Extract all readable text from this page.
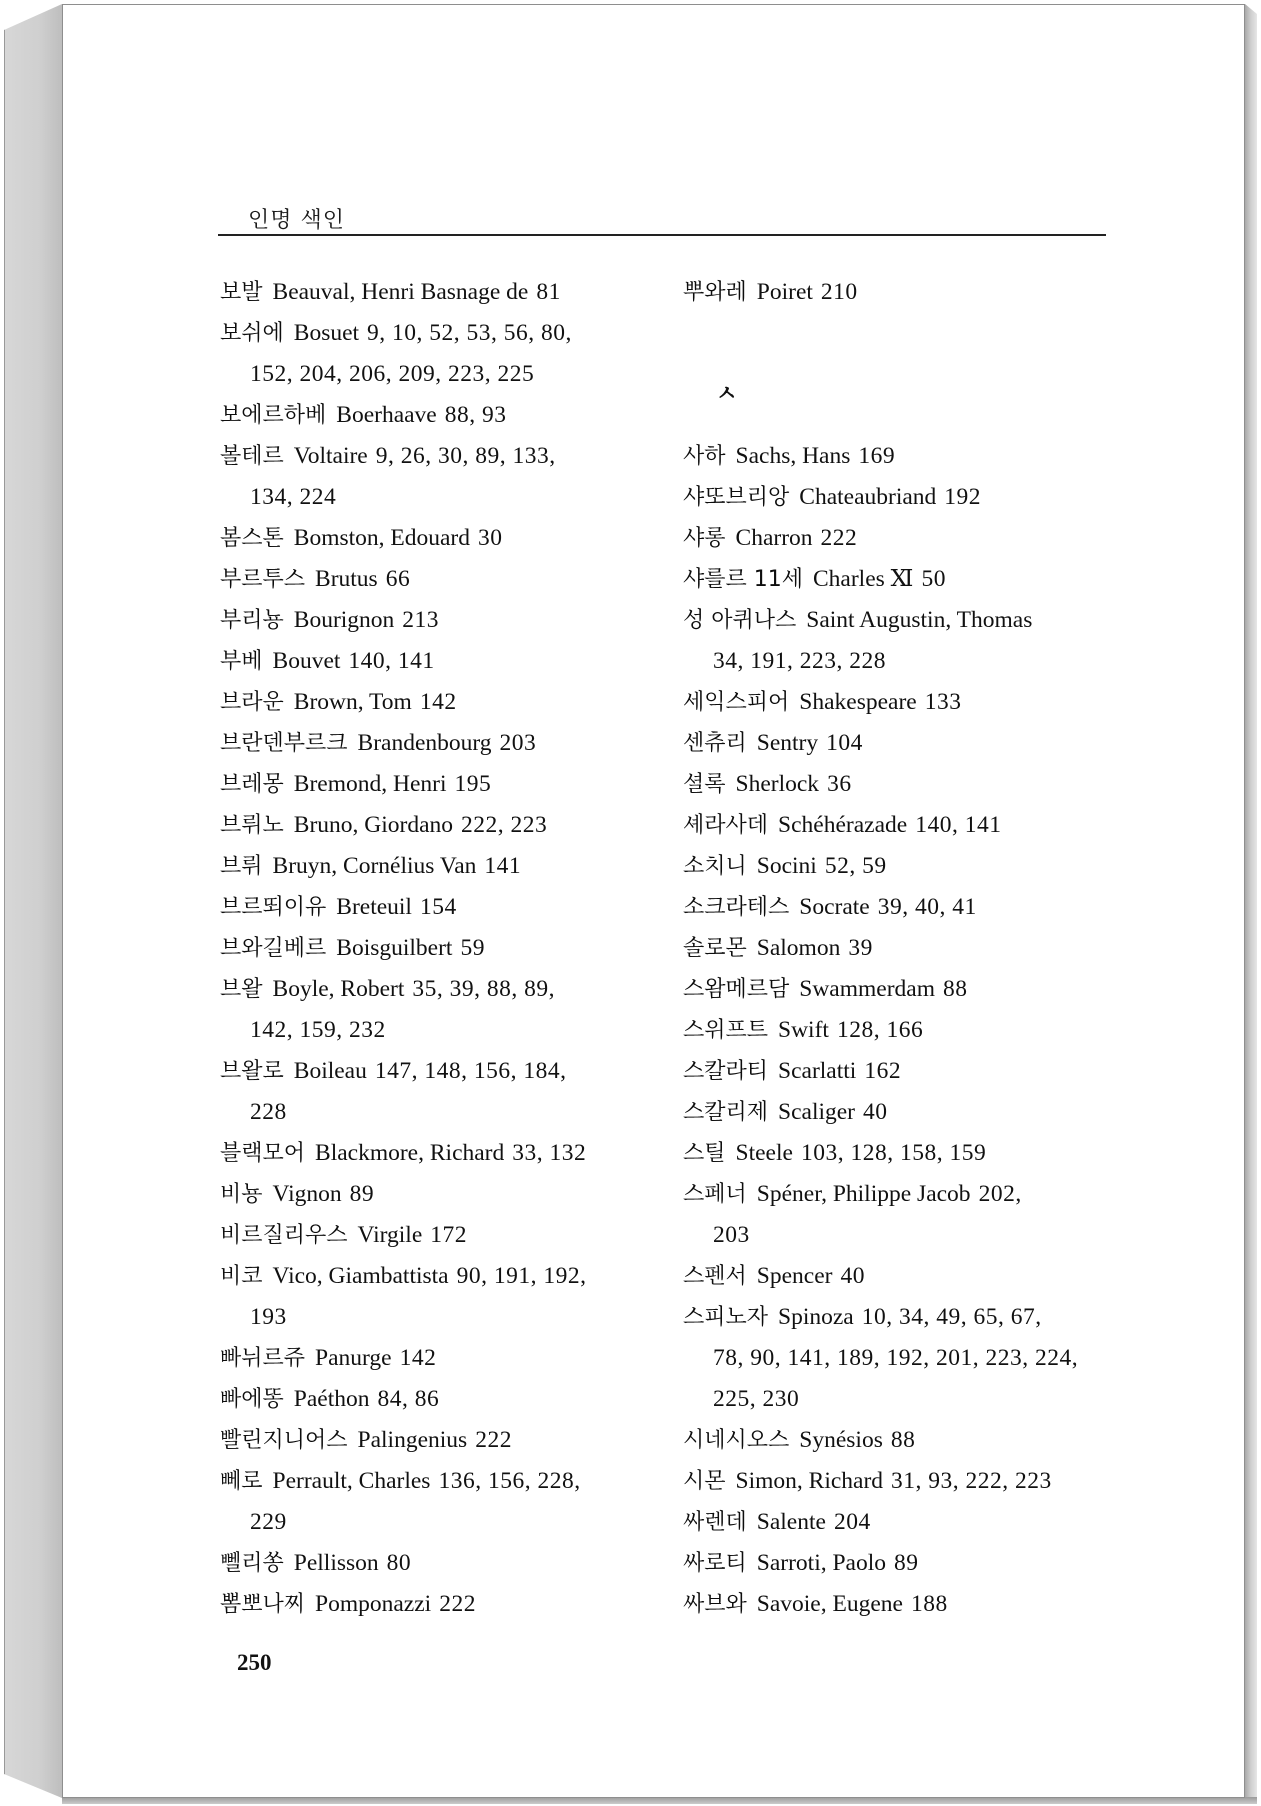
인명 색인
보발 Beauval, Henri Basnage de 81
보쉬에 Bosuet 9, 10, 52, 53, 56, 80,
152, 204, 206, 209, 223, 225
보에르하베 Boerhaave 88, 93
볼테르 Voltaire 9, 26, 30, 89, 133,
134, 224
봄스톤 Bomston, Edouard 30
부르투스 Brutus 66
부리뇽 Bourignon 213
부베 Bouvet 140, 141
브라운 Brown, Tom 142
브란덴부르크 Brandenbourg 203
브레몽 Bremond, Henri 195
브뤼노 Bruno, Giordano 222, 223
브뤼 Bruyn, Cornélius Van 141
브르뙤이유 Breteuil 154
브와길베르 Boisguilbert 59
브왈 Boyle, Robert 35, 39, 88, 89,
142, 159, 232
브왈로 Boileau 147, 148, 156, 184,
228
블랙모어 Blackmore, Richard 33, 132
비뇽 Vignon 89
비르질리우스 Virgile 172
비코 Vico, Giambattista 90, 191, 192,
193
빠뉘르쥬 Panurge 142
빠에똥 Paéthon 84, 86
빨린지니어스 Palingenius 222
뻬로 Perrault, Charles 136, 156, 228,
229
뻴리쏭 Pellisson 80
뽐뽀나찌 Pomponazzi 222
뿌와레 Poiret 210
ㅅ
사하 Sachs, Hans 169
샤또브리앙 Chateaubriand 192
샤롱 Charron 222
샤를르 11세 Charles Ⅺ 50
성 아퀴나스 Saint Augustin, Thomas
34, 191, 223, 228
세익스피어 Shakespeare 133
센츄리 Sentry 104
셜록 Sherlock 36
셰라사데 Schéhérazade 140, 141
소치니 Socini 52, 59
소크라테스 Socrate 39, 40, 41
솔로몬 Salomon 39
스왐메르담 Swammerdam 88
스위프트 Swift 128, 166
스칼라티 Scarlatti 162
스칼리제 Scaliger 40
스틸 Steele 103, 128, 158, 159
스페너 Spéner, Philippe Jacob 202,
203
스펜서 Spencer 40
스피노자 Spinoza 10, 34, 49, 65, 67,
78, 90, 141, 189, 192, 201, 223, 224,
225, 230
시네시오스 Synésios 88
시몬 Simon, Richard 31, 93, 222, 223
싸렌데 Salente 204
싸로티 Sarroti, Paolo 89
싸브와 Savoie, Eugene 188
250
